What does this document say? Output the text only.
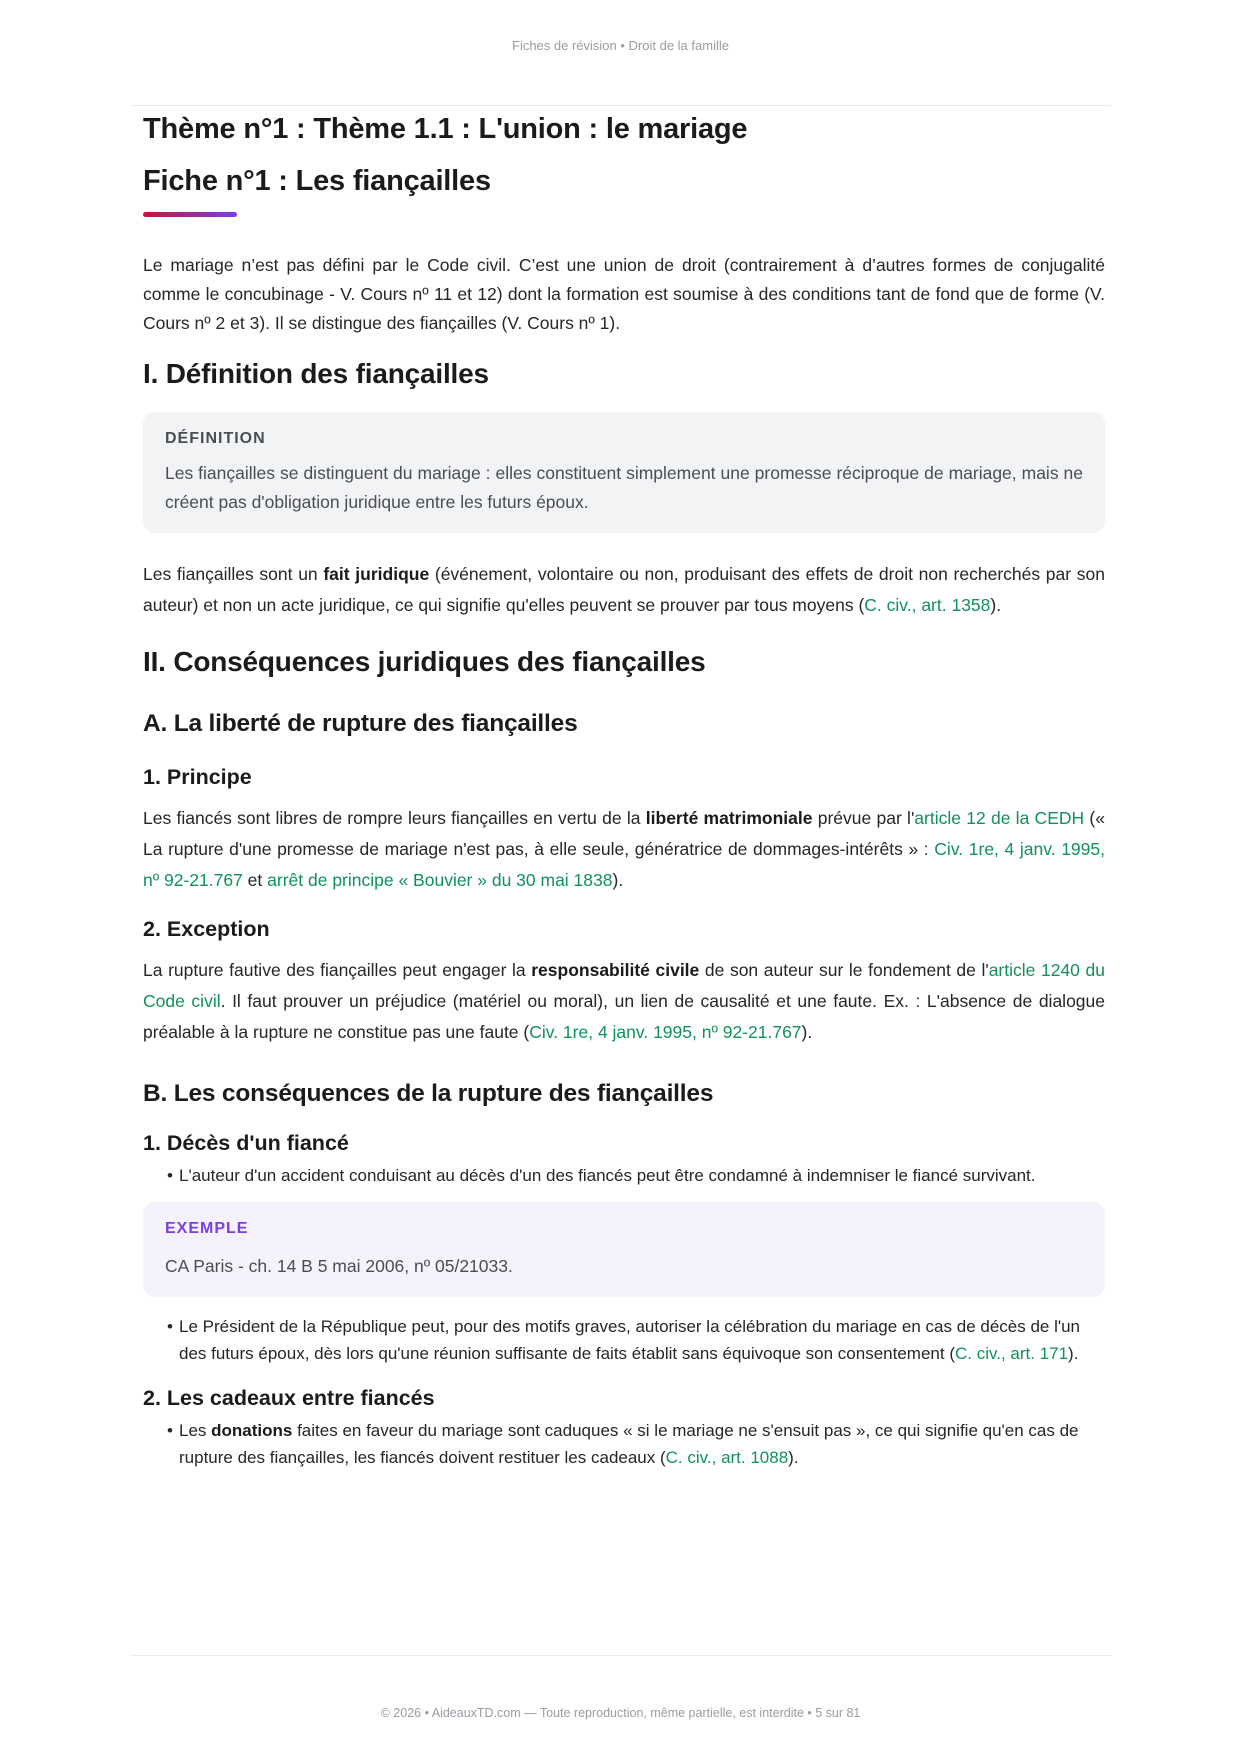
Fiches de révision • Droit de la famille
Thème n°1 : Thème 1.1 : L'union : le mariage
Fiche n°1 : Les fiançailles

Le mariage n’est pas défini par le Code civil. C’est une union de droit (contrairement à d’autres formes de conjugalité comme le concubinage - V. Cours nº 11 et 12) dont la formation est soumise à des conditions tant de fond que de forme (V. Cours nº 2 et 3). Il se distingue des fiançailles (V. Cours nº 1).

I. Définition des fiançailles
DÉFINITION
Les fiançailles se distinguent du mariage : elles constituent simplement une promesse réciproque de mariage, mais ne créent pas d'obligation juridique entre les futurs époux.

Les fiançailles sont un fait juridique (événement, volontaire ou non, produisant des effets de droit non recherchés par son auteur) et non un acte juridique, ce qui signifie qu'elles peuvent se prouver par tous moyens (C. civ., art. 1358).

II. Conséquences juridiques des fiançailles
A. La liberté de rupture des fiançailles
1. Principe

Les fiancés sont libres de rompre leurs fiançailles en vertu de la liberté matrimoniale prévue par l'article 12 de la CEDH (« La rupture d'une promesse de mariage n'est pas, à elle seule, génératrice de dommages-intérêts » : Civ. 1re, 4 janv. 1995, nº 92-21.767 et arrêt de principe « Bouvier » du 30 mai 1838).

2. Exception

La rupture fautive des fiançailles peut engager la responsabilité civile de son auteur sur le fondement de l'article 1240 du Code civil. Il faut prouver un préjudice (matériel ou moral), un lien de causalité et une faute. Ex. : L'absence de dialogue préalable à la rupture ne constitue pas une faute (Civ. 1re, 4 janv. 1995, nº 92-21.767).

B. Les conséquences de la rupture des fiançailles
1. Décès d'un fiancé
• L'auteur d'un accident conduisant au décès d'un des fiancés peut être condamné à indemniser le fiancé survivant.
EXEMPLE
CA Paris - ch. 14 B 5 mai 2006, nº 05/21033.
• Le Président de la République peut, pour des motifs graves, autoriser la célébration du mariage en cas de décès de l'un des futurs époux, dès lors qu'une réunion suffisante de faits établit sans équivoque son consentement (C. civ., art. 171).
2. Les cadeaux entre fiancés
• Les donations faites en faveur du mariage sont caduques « si le mariage ne s'ensuit pas », ce qui signifie qu'en cas de rupture des fiançailles, les fiancés doivent restituer les cadeaux (C. civ., art. 1088).
© 2026 • AideauxTD.com — Toute reproduction, même partielle, est interdite • 5 sur 81
